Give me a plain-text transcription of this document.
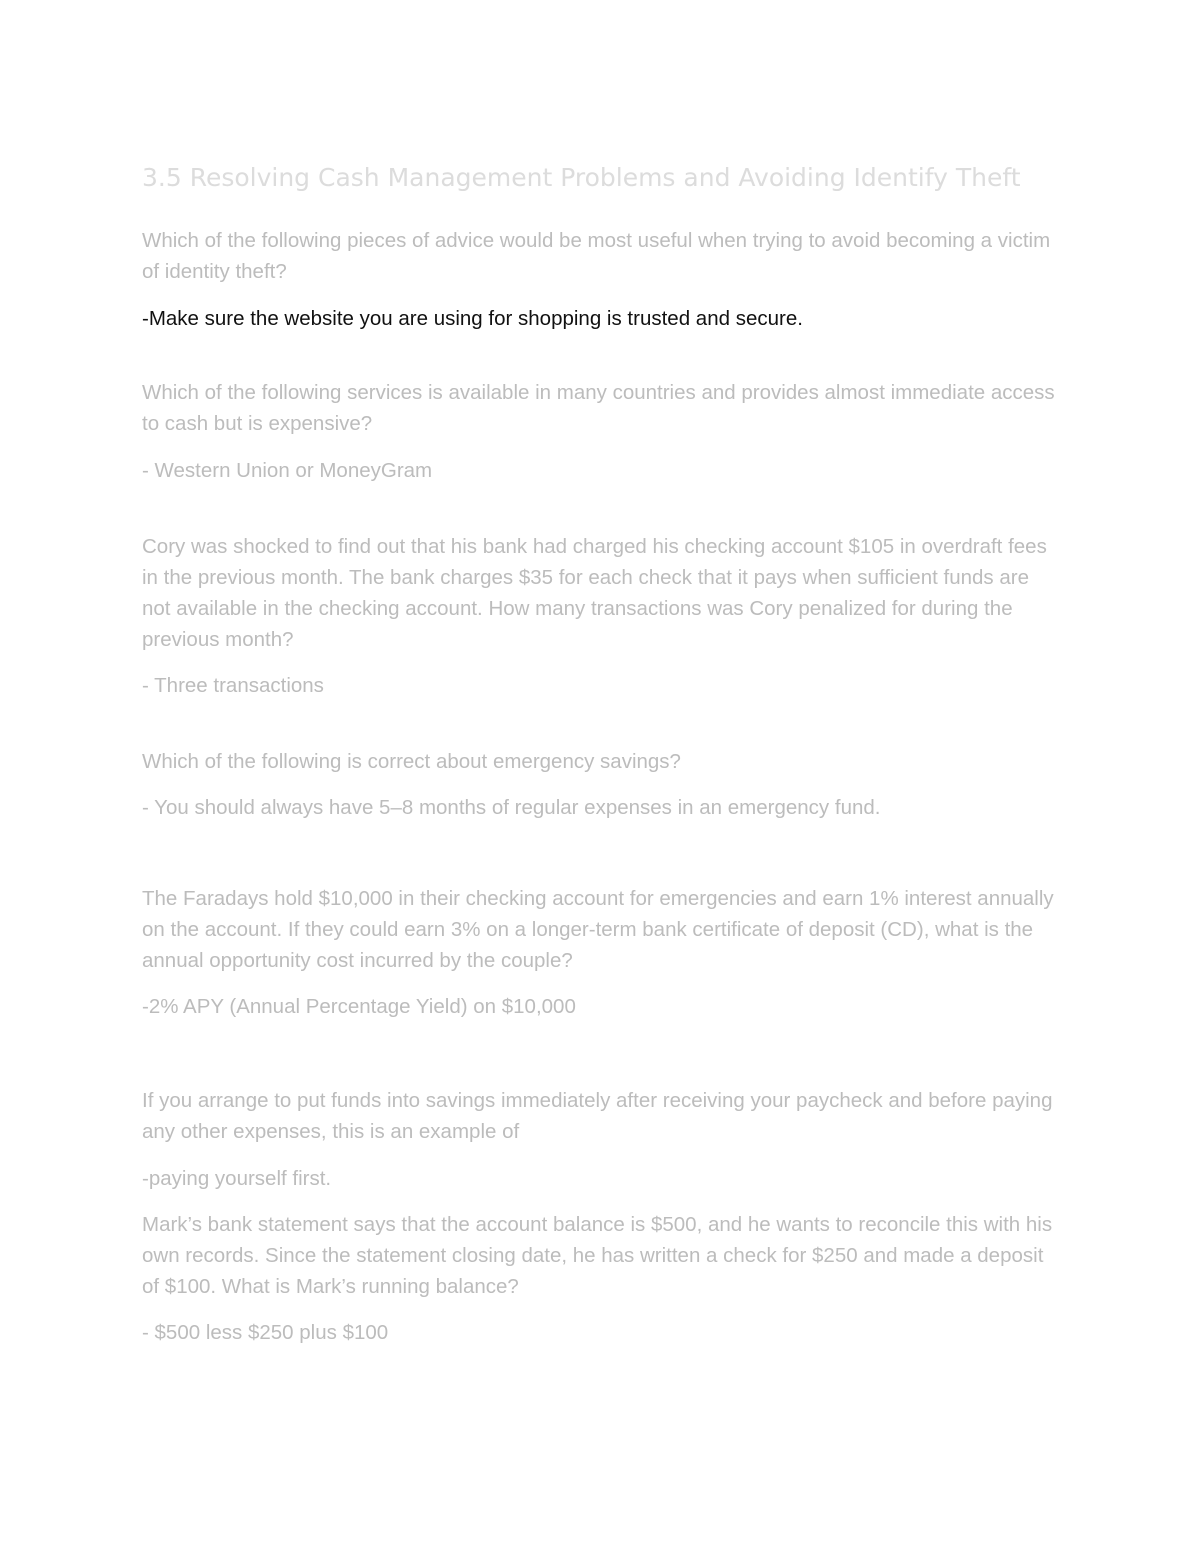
3.5 Resolving Cash Management Problems and Avoiding Identify Theft

Which of the following pieces of advice would be most useful when trying to avoid becoming a victim of identity theft?

-Make sure the website you are using for shopping is trusted and secure.

Which of the following services is available in many countries and provides almost immediate access to cash but is expensive?

- Western Union or MoneyGram

Cory was shocked to find out that his bank had charged his checking account $105 in overdraft fees in the previous month. The bank charges $35 for each check that it pays when sufficient funds are not available in the checking account. How many transactions was Cory penalized for during the previous month?

- Three transactions

Which of the following is correct about emergency savings?

- You should always have 5–8 months of regular expenses in an emergency fund.

The Faradays hold $10,000 in their checking account for emergencies and earn 1% interest annually on the account. If they could earn 3% on a longer-term bank certificate of deposit (CD), what is the annual opportunity cost incurred by the couple?

-2% APY (Annual Percentage Yield) on $10,000

If you arrange to put funds into savings immediately after receiving your paycheck and before paying any other expenses, this is an example of

-paying yourself first.

Mark’s bank statement says that the account balance is $500, and he wants to reconcile this with his own records. Since the statement closing date, he has written a check for $250 and made a deposit of $100. What is Mark’s running balance?

- $500 less $250 plus $100
